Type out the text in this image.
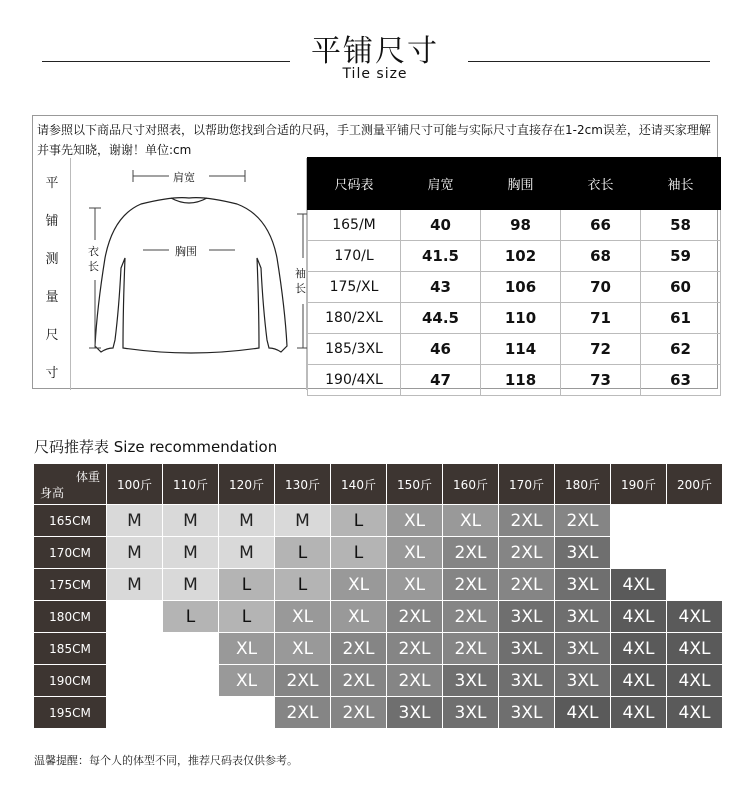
平铺尺寸
Tile size
请参照以下商品尺寸对照表，以帮助您找到合适的尺码，手工测量平铺尺寸可能与实际尺寸直接存在1-2cm误差，还请买家理解并事先知晓，谢谢！单位:cm
平
铺
测
量
尺
寸
肩宽
胸围
衣长
袖长
尺码表	肩宽	胸围	衣长	袖长
165/M	40	98	66	58
170/L	41.5	102	68	59
175/XL	43	106	70	60
180/2XL	44.5	110	71	61
185/3XL	46	114	72	62
190/4XL	47	118	73	63
尺码推荐表 Size recommendation
体重
身高	100斤	110斤	120斤	130斤	140斤	150斤	160斤	170斤	180斤	190斤	200斤
165CM	M	M	M	M	L	XL	XL	2XL	2XL		
170CM	M	M	M	L	L	XL	2XL	2XL	3XL		
175CM	M	M	L	L	XL	XL	2XL	2XL	3XL	4XL	
180CM		L	L	XL	XL	2XL	2XL	3XL	3XL	4XL	4XL
185CM			XL	XL	2XL	2XL	2XL	3XL	3XL	4XL	4XL
190CM			XL	2XL	2XL	2XL	3XL	3XL	3XL	4XL	4XL
195CM				2XL	2XL	3XL	3XL	3XL	4XL	4XL	4XL
温馨提醒：每个人的体型不同，推荐尺码表仅供参考。
